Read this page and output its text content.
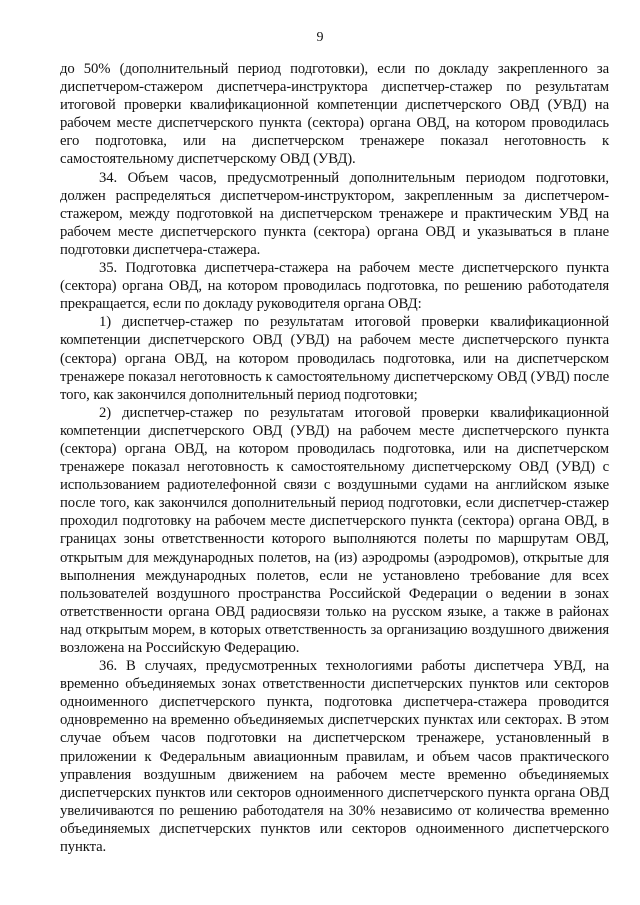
9

до 50% (дополнительный период подготовки), если по докладу закрепленного за диспетчером-стажером диспетчера-инструктора диспетчер-стажер по результатам итоговой проверки квалификационной компетенции диспетчерского ОВД (УВД) на рабочем месте диспетчерского пункта (сектора) органа ОВД, на котором проводилась его подготовка, или на диспетчерском тренажере показал неготовность к самостоятельному диспетчерскому ОВД (УВД).

34. Объем часов, предусмотренный дополнительным периодом подготовки, должен распределяться диспетчером-инструктором, закрепленным за диспетчером-стажером, между подготовкой на диспетчерском тренажере и практическим УВД на рабочем месте диспетчерского пункта (сектора) органа ОВД и указываться в плане подготовки диспетчера-стажера.

35. Подготовка диспетчера-стажера на рабочем месте диспетчерского пункта (сектора) органа ОВД, на котором проводилась подготовка, по решению работодателя прекращается, если по докладу руководителя органа ОВД:

1) диспетчер-стажер по результатам итоговой проверки квалификационной компетенции диспетчерского ОВД (УВД) на рабочем месте диспетчерского пункта (сектора) органа ОВД, на котором проводилась подготовка, или на диспетчерском тренажере показал неготовность к самостоятельному диспетчерскому ОВД (УВД) после того, как закончился дополнительный период подготовки;

2) диспетчер-стажер по результатам итоговой проверки квалификационной компетенции диспетчерского ОВД (УВД) на рабочем месте диспетчерского пункта (сектора) органа ОВД, на котором проводилась подготовка, или на диспетчерском тренажере показал неготовность к самостоятельному диспетчерскому ОВД (УВД) с использованием радиотелефонной связи с воздушными судами на английском языке после того, как закончился дополнительный период подготовки, если диспетчер-стажер проходил подготовку на рабочем месте диспетчерского пункта (сектора) органа ОВД, в границах зоны ответственности которого выполняются полеты по маршрутам ОВД, открытым для международных полетов, на (из) аэродромы (аэродромов), открытые для выполнения международных полетов, если не установлено требование для всех пользователей воздушного пространства Российской Федерации о ведении в зонах ответственности органа ОВД радиосвязи только на русском языке, а также в районах над открытым морем, в которых ответственность за организацию воздушного движения возложена на Российскую Федерацию.

36. В случаях, предусмотренных технологиями работы диспетчера УВД, на временно объединяемых зонах ответственности диспетчерских пунктов или секторов одноименного диспетчерского пункта, подготовка диспетчера-стажера проводится одновременно на временно объединяемых диспетчерских пунктах или секторах. В этом случае объем часов подготовки на диспетчерском тренажере, установленный в приложении к Федеральным авиационным правилам, и объем часов практического управления воздушным движением на рабочем месте временно объединяемых диспетчерских пунктов или секторов одноименного диспетчерского пункта органа ОВД увеличиваются по решению работодателя на 30% независимо от количества временно объединяемых диспетчерских пунктов или секторов одноименного диспетчерского пункта.
